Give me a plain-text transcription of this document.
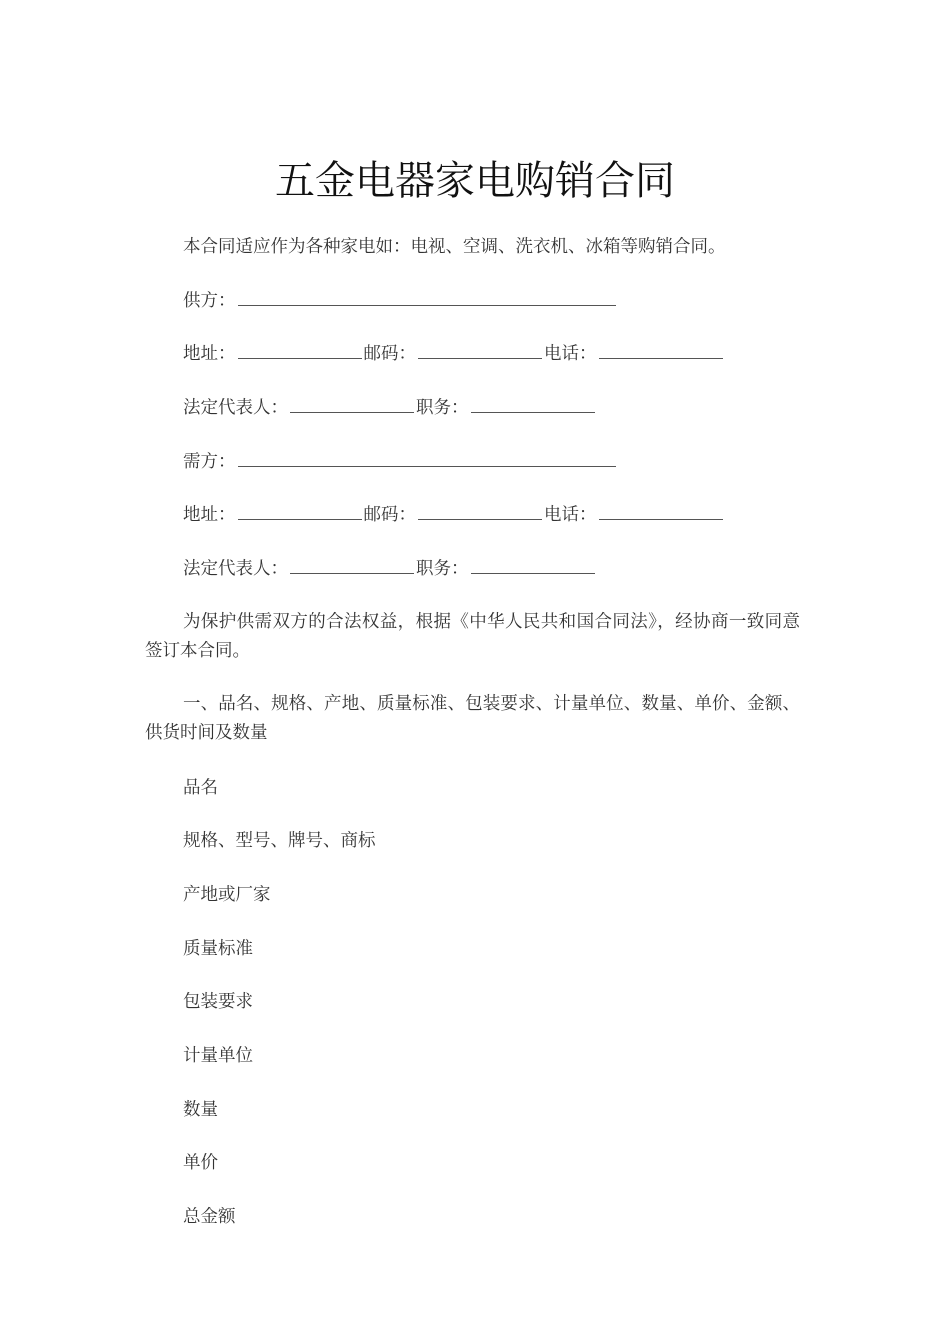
五金电器家电购销合同

本合同适应作为各种家电如：电视、空调、洗衣机、冰箱等购销合同。

供方：

地址：	邮码：	电话：

法定代表人：	职务：

需方：

地址：	邮码：	电话：

法定代表人：	职务：

为保护供需双方的合法权益，根据《中华人民共和国合同法》，经协商一致同意签订本合同。

一、品名、规格、产地、质量标准、包装要求、计量单位、数量、单价、金额、供货时间及数量

品名

规格、型号、牌号、商标

产地或厂家

质量标准

包装要求

计量单位

数量

单价

总金额
